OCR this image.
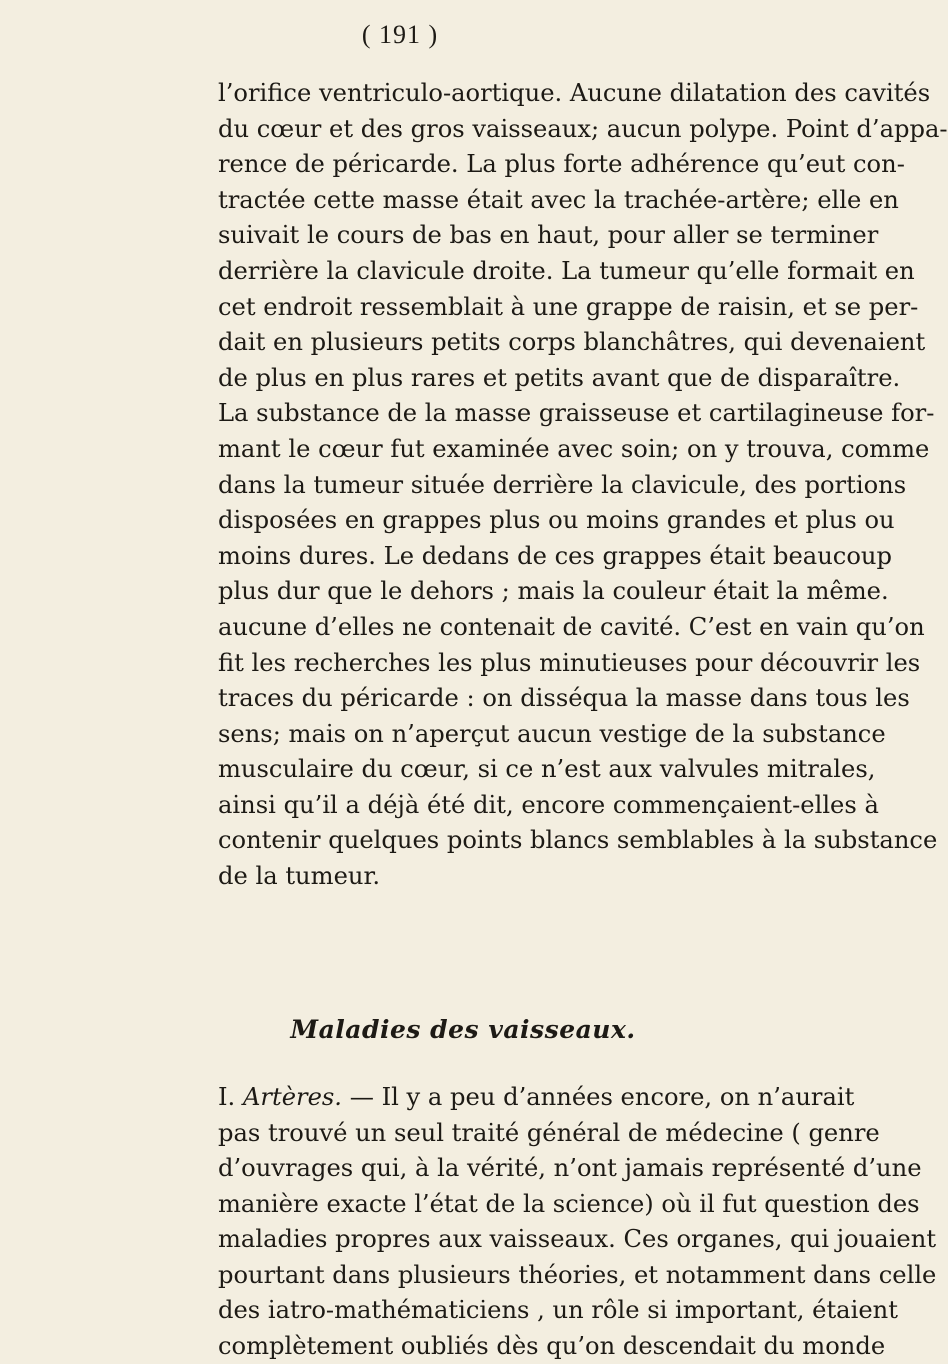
( 191 )
l’orifice ventriculo-aortique. Aucune dilatation des cavités
du cœur et des gros vaisseaux; aucun polype. Point d’appa-
rence de péricarde. La plus forte adhérence qu’eut con-
tractée cette masse était avec la trachée-artère; elle en
suivait le cours de bas en haut, pour aller se terminer
derrière la clavicule droite. La tumeur qu’elle formait en
cet endroit ressemblait à une grappe de raisin, et se per-
dait en plusieurs petits corps blanchâtres, qui devenaient
de plus en plus rares et petits avant que de disparaître.
La substance de la masse graisseuse et cartilagineuse for-
mant le cœur fut examinée avec soin; on y trouva, comme
dans la tumeur située derrière la clavicule, des portions
disposées en grappes plus ou moins grandes et plus ou
moins dures. Le dedans de ces grappes était beaucoup
plus dur que le dehors ; mais la couleur était la même.
aucune d’elles ne contenait de cavité. C’est en vain qu’on
fit les recherches les plus minutieuses pour découvrir les
traces du péricarde : on disséqua la masse dans tous les
sens; mais on n’aperçut aucun vestige de la substance
musculaire du cœur, si ce n’est aux valvules mitrales,
ainsi qu’il a déjà été dit, encore commençaient-elles à
contenir quelques points blancs semblables à la substance
de la tumeur.
Maladies des vaisseaux.
I. Artères. — Il y a peu d’années encore, on n’aurait
pas trouvé un seul traité général de médecine ( genre
d’ouvrages qui, à la vérité, n’ont jamais représenté d’une
manière exacte l’état de la science) où il fut question des
maladies propres aux vaisseaux. Ces organes, qui jouaient
pourtant dans plusieurs théories, et notamment dans celle
des iatro-mathématiciens , un rôle si important, étaient
complètement oubliés dès qu’on descendait du monde
